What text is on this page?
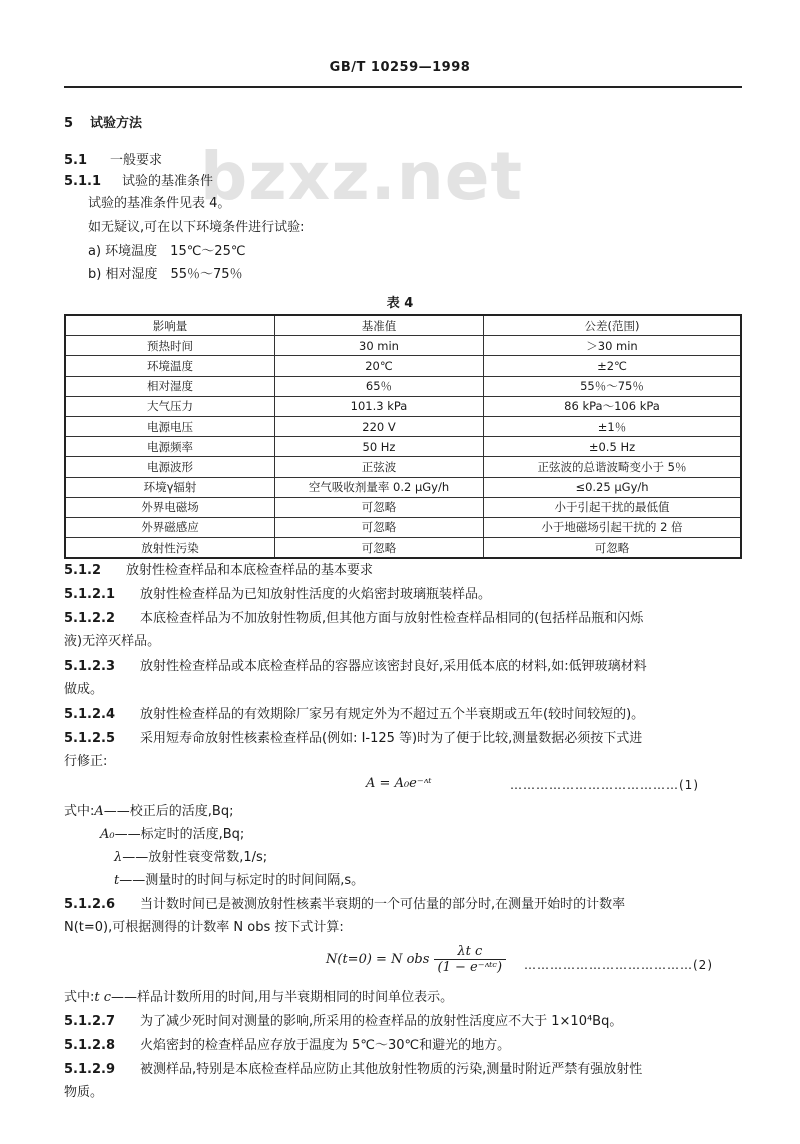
GB/T 10259—1998
bzxz.net
5 试验方法
5.1 一般要求
5.1.1 试验的基准条件
试验的基准条件见表 4。
如无疑议,可在以下环境条件进行试验:
a) 环境温度　15℃～25℃
b) 相对湿度　55％～75％
表 4
影响量	基准值	公差(范围)
预热时间	30 min	＞30 min
环境温度	20℃	±2℃
相对湿度	65％	55％～75％
大气压力	101.3 kPa	86 kPa～106 kPa
电源电压	220 V	±1％
电源频率	50 Hz	±0.5 Hz
电源波形	正弦波	正弦波的总谐波畸变小于 5％
环境γ辐射	空气吸收剂量率 0.2 μGy/h	≤0.25 μGy/h
外界电磁场	可忽略	小于引起干扰的最低值
外界磁感应	可忽略	小于地磁场引起干扰的 2 倍
放射性污染	可忽略	可忽略
5.1.2 放射性检查样品和本底检查样品的基本要求
5.1.2.1 放射性检查样品为已知放射性活度的火焰密封玻璃瓶装样品。
5.1.2.2 本底检查样品为不加放射性物质,但其他方面与放射性检查样品相同的(包括样品瓶和闪烁
液)无淬灭样品。
5.1.2.3 放射性检查样品或本底检查样品的容器应该密封良好,采用低本底的材料,如:低钾玻璃材料
做成。
5.1.2.4 放射性检查样品的有效期除厂家另有规定外为不超过五个半衰期或五年(较时间较短的)。
5.1.2.5 采用短寿命放射性核素检查样品(例如: I-125 等)时为了便于比较,测量数据必须按下式进
行修正:
A = A₀e⁻ᶺᵗ	…………………………………(1)
式中:A——校正后的活度,Bq;
A₀——标定时的活度,Bq;
λ——放射性衰变常数,1/s;
t——测量时的时间与标定时的时间间隔,s。
5.1.2.6 当计数时间已是被测放射性核素半衰期的一个可估量的部分时,在测量开始时的计数率
N(t=0),可根据测得的计数率 N obs 按下式计算:
N(t=0) = N obs $\frac{\text{λt c}}{\text{(1 − e⁻ᶺᵗᶜ)}}$ …………………………………(2)
式中:t c——样品计数所用的时间,用与半衰期相同的时间单位表示。
5.1.2.7 为了减少死时间对测量的影响,所采用的检查样品的放射性活度应不大于 1×10⁴Bq。
5.1.2.8 火焰密封的检查样品应存放于温度为 5℃～30℃和避光的地方。
5.1.2.9 被测样品,特别是本底检查样品应防止其他放射性物质的污染,测量时附近严禁有强放射性
物质。
